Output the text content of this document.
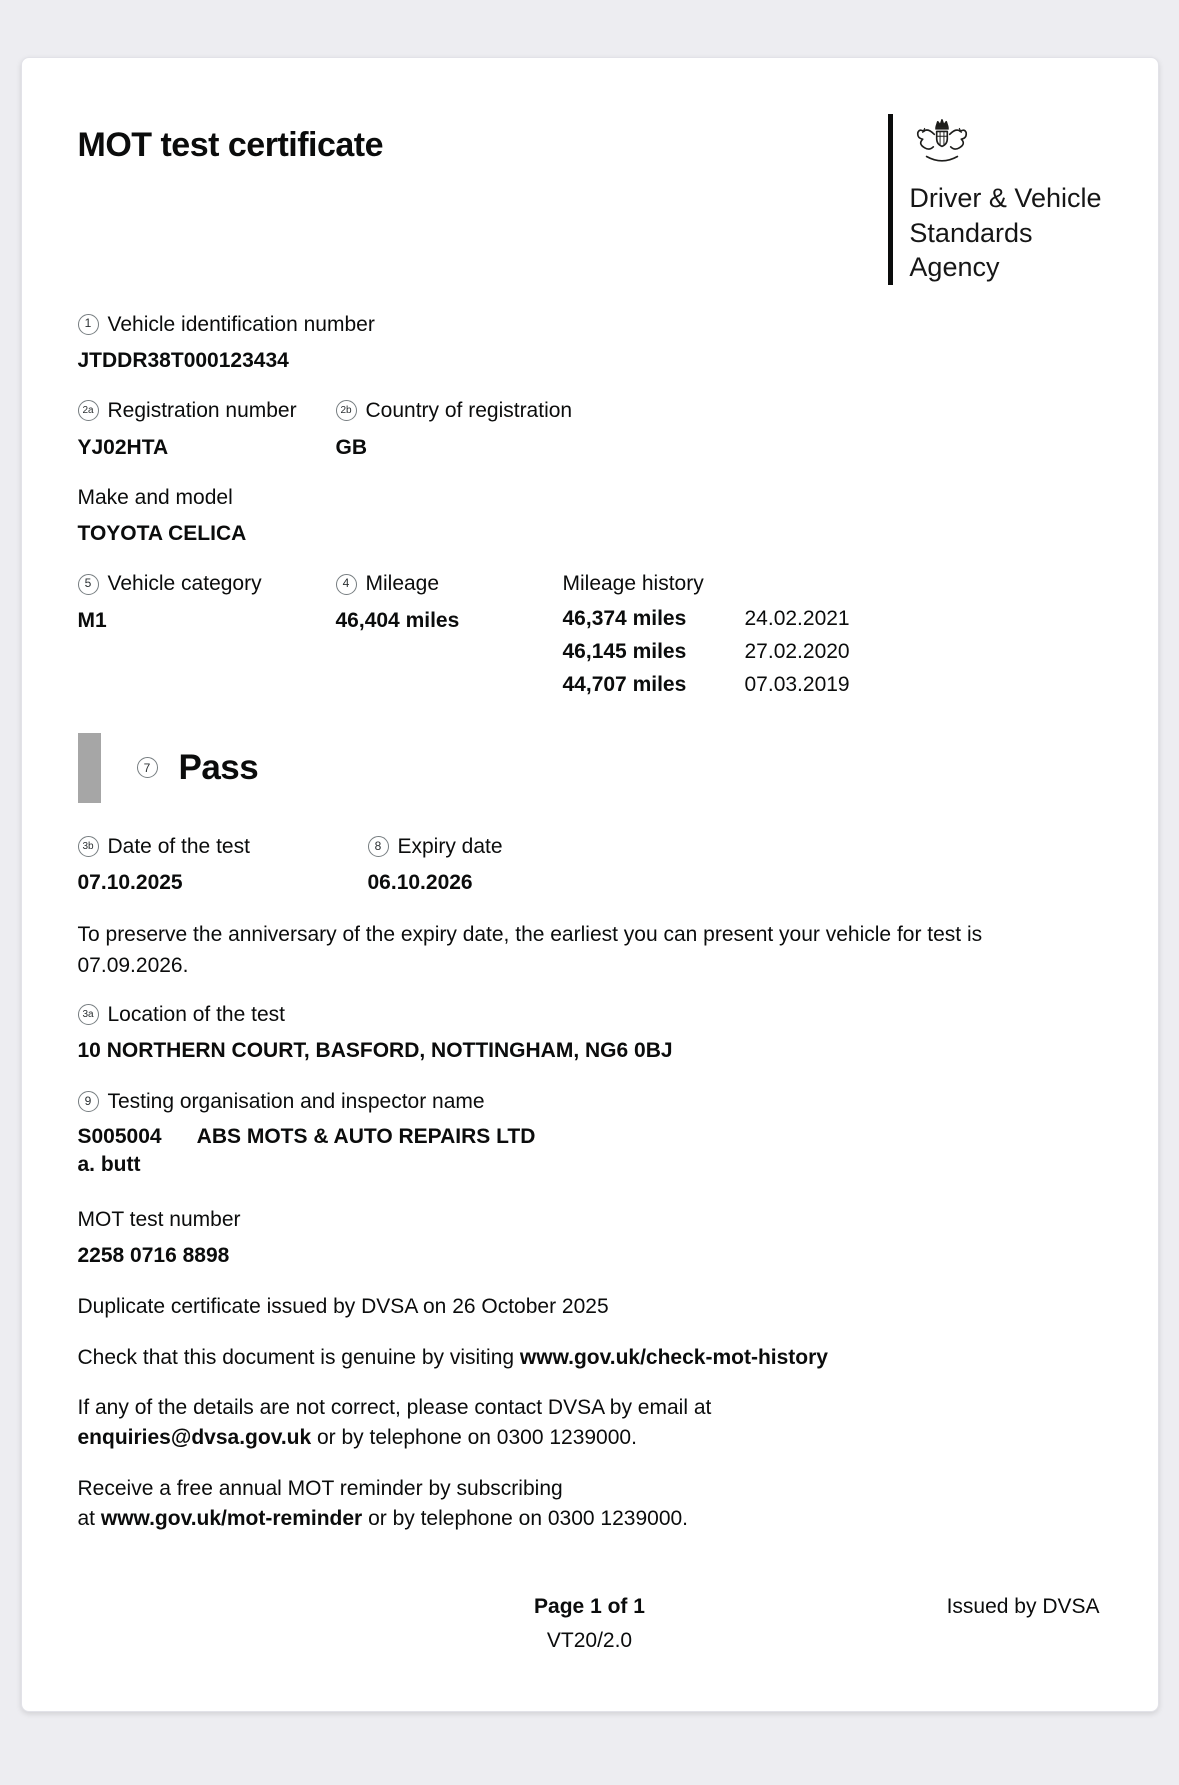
MOT test certificate
Driver & Vehicle
Standards
Agency
1 Vehicle identification number
JTDDR38T000123434
2a Registration number
YJ02HTA
2b Country of registration
GB
Make and model
TOYOTA CELICA
5 Vehicle category
M1
4 Mileage
46,404 miles
Mileage history
46,374 miles	24.02.2021
46,145 miles	27.02.2020
44,707 miles	07.03.2019
7 Pass
3b Date of the test
07.10.2025
8 Expiry date
06.10.2026

To preserve the anniversary of the expiry date, the earliest you can present your vehicle for test is 07.09.2026.

3a Location of the test
10 NORTHERN COURT, BASFORD, NOTTINGHAM, NG6 0BJ
9 Testing organisation and inspector name
S005004 ABS MOTS & AUTO REPAIRS LTD
a. butt
MOT test number
2258 0716 8898

Duplicate certificate issued by DVSA on 26 October 2025

Check that this document is genuine by visiting www.gov.uk/check-mot-history

If any of the details are not correct, please contact DVSA by email at
enquiries@dvsa.gov.uk or by telephone on 0300 1239000.

Receive a free annual MOT reminder by subscribing
at www.gov.uk/mot-reminder or by telephone on 0300 1239000.

Page 1 of 1
VT20/2.0
Issued by DVSA
